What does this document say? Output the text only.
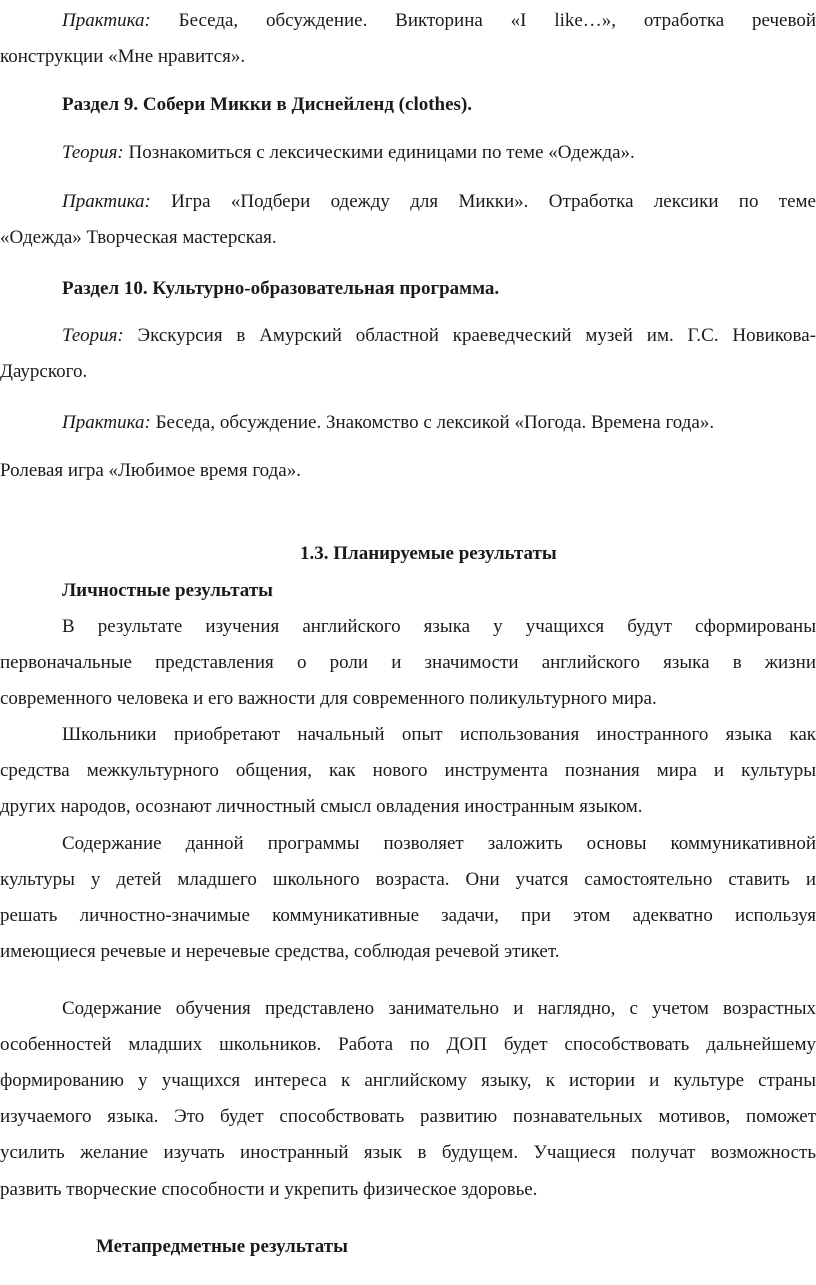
Практика: Беседа, обсуждение. Викторина «I like…», отработка речевой
конструкции «Мне нравится».
Раздел 9. Собери Микки в Диснейленд (clothes).
Теория: Познакомиться с лексическими единицами по теме «Одежда».
Практика: Игра «Подбери одежду для Микки». Отработка лексики по теме
«Одежда» Творческая мастерская.
Раздел 10. Культурно-образовательная программа.
Теория: Экскурсия в Амурский областной краеведческий музей им. Г.С. Новикова-
Даурского.
Практика: Беседа, обсуждение. Знакомство с лексикой «Погода. Времена года».
Ролевая игра «Любимое время года».
1.3. Планируемые результаты
Личностные результаты
В результате изучения английского языка у учащихся будут сформированы
первоначальные представления о роли и значимости английского языка в жизни
современного человека и его важности для современного поликультурного мира.
Школьники приобретают начальный опыт использования иностранного языка как
средства межкультурного общения, как нового инструмента познания мира и культуры
других народов, осознают личностный смысл овладения иностранным языком.
Содержание данной программы позволяет заложить основы коммуникативной
культуры у детей младшего школьного возраста. Они учатся самостоятельно ставить и
решать личностно-значимые коммуникативные задачи, при этом адекватно используя
имеющиеся речевые и неречевые средства, соблюдая речевой этикет.
Содержание обучения представлено занимательно и наглядно, с учетом возрастных
особенностей младших школьников. Работа по ДОП будет способствовать дальнейшему
формированию у учащихся интереса к английскому языку, к истории и культуре страны
изучаемого языка. Это будет способствовать развитию познавательных мотивов, поможет
усилить желание изучать иностранный язык в будущем. Учащиеся получат возможность
развить творческие способности и укрепить физическое здоровье.
Метапредметные результаты
